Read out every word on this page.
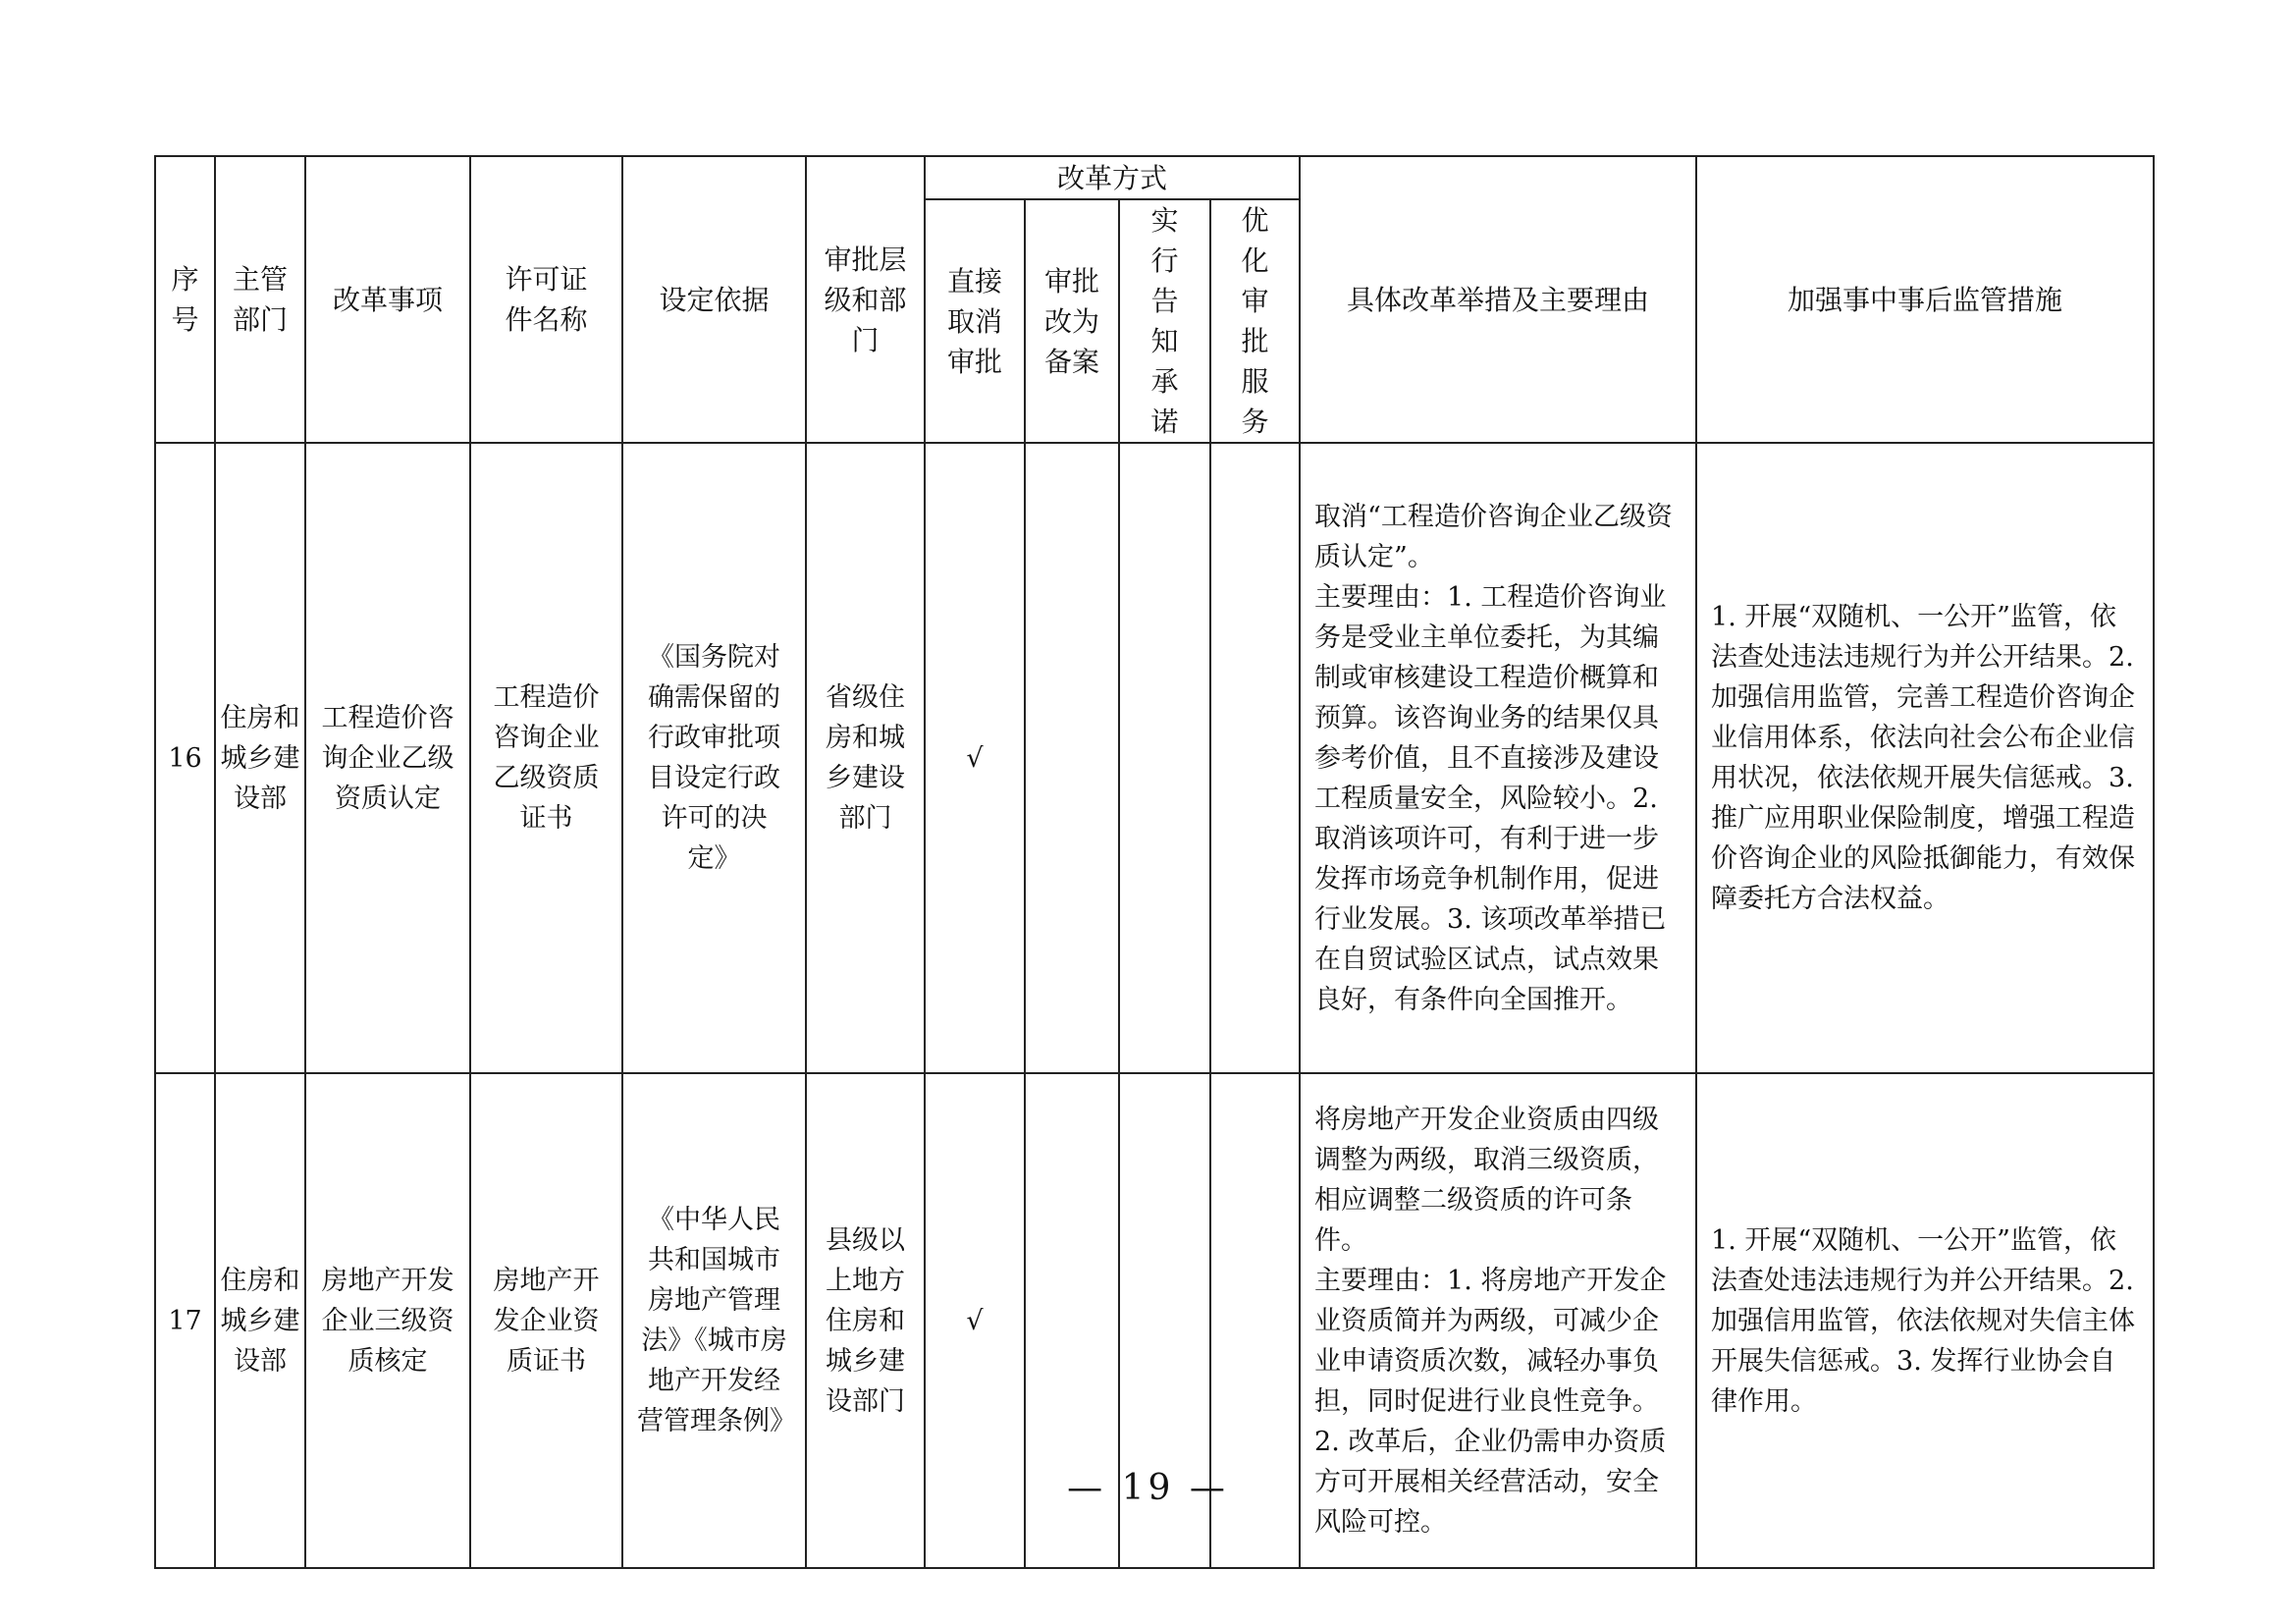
序号	主管部门	改革事项	许可证件名称	设定依据	审批层级和部门	改革方式				具体改革举措及主要理由	加强事中事后监管措施

						直接取消审批	审批改为备案	实行告知承诺	优化审批服务		

16	住房和城乡建设部	工程造价咨询企业乙级资质认定	工程造价咨询企业乙级资质证书	《国务院对确需保留的行政审批项目设定行政许可的决定》	省级住房和城乡建设部门	√				取消“工程造价咨询企业乙级资质认定”。
主要理由：1. 工程造价咨询业务是受业主单位委托，为其编制或审核建设工程造价概算和预算。该咨询业务的结果仅具参考价值，且不直接涉及建设工程质量安全，风险较小。2. 取消该项许可，有利于进一步发挥市场竞争机制作用，促进行业发展。3. 该项改革举措已在自贸试验区试点，试点效果良好，有条件向全国推开。	1. 开展“双随机、一公开”监管，依法查处违法违规行为并公开结果。2. 加强信用监管，完善工程造价咨询企业信用体系，依法向社会公布企业信用状况，依法依规开展失信惩戒。3. 推广应用职业保险制度，增强工程造价咨询企业的风险抵御能力，有效保障委托方合法权益。

17	住房和城乡建设部	房地产开发企业三级资质核定	房地产开发企业资质证书	《中华人民共和国城市房地产管理法》《城市房地产开发经营管理条例》	县级以上地方住房和城乡建设部门	√				将房地产开发企业资质由四级调整为两级，取消三级资质，相应调整二级资质的许可条件。
主要理由：1. 将房地产开发企业资质简并为两级，可减少企业申请资质次数，减轻办事负担，同时促进行业良性竞争。2. 改革后，企业仍需申办资质方可开展相关经营活动，安全风险可控。	1. 开展“双随机、一公开”监管，依法查处违法违规行为并公开结果。2. 加强信用监管，依法依规对失信主体开展失信惩戒。3. 发挥行业协会自律作用。
— 19 —
